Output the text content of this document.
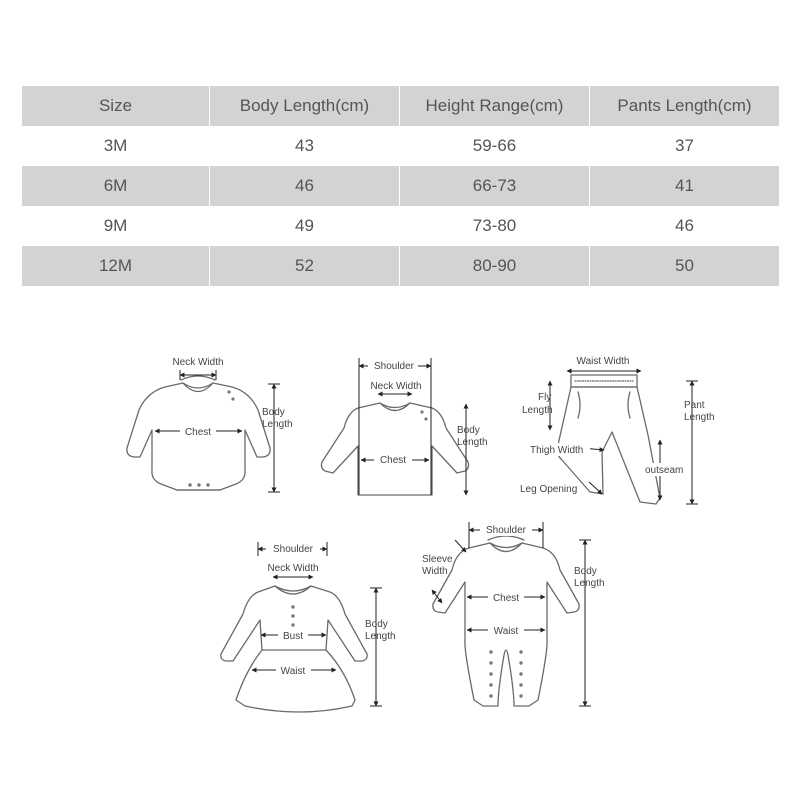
Size	Body Length(cm)	Height Range(cm)	Pants Length(cm)
3M	43	59-66	37
6M	46	66-73	41
9M	49	73-80	46
12M	52	80-90	50
Neck Width
Chest
Body
Length
Shoulder
Neck Width
Chest
Body
Length
Waist Width
Fly
Length	Pant
Length
Thigh Width
outseam
Leg Opening
Shoulder
Neck Width
Bust
Waist
Body
Length
Shoulder
Sleeve
Width
Chest
Waist
Body
Length
